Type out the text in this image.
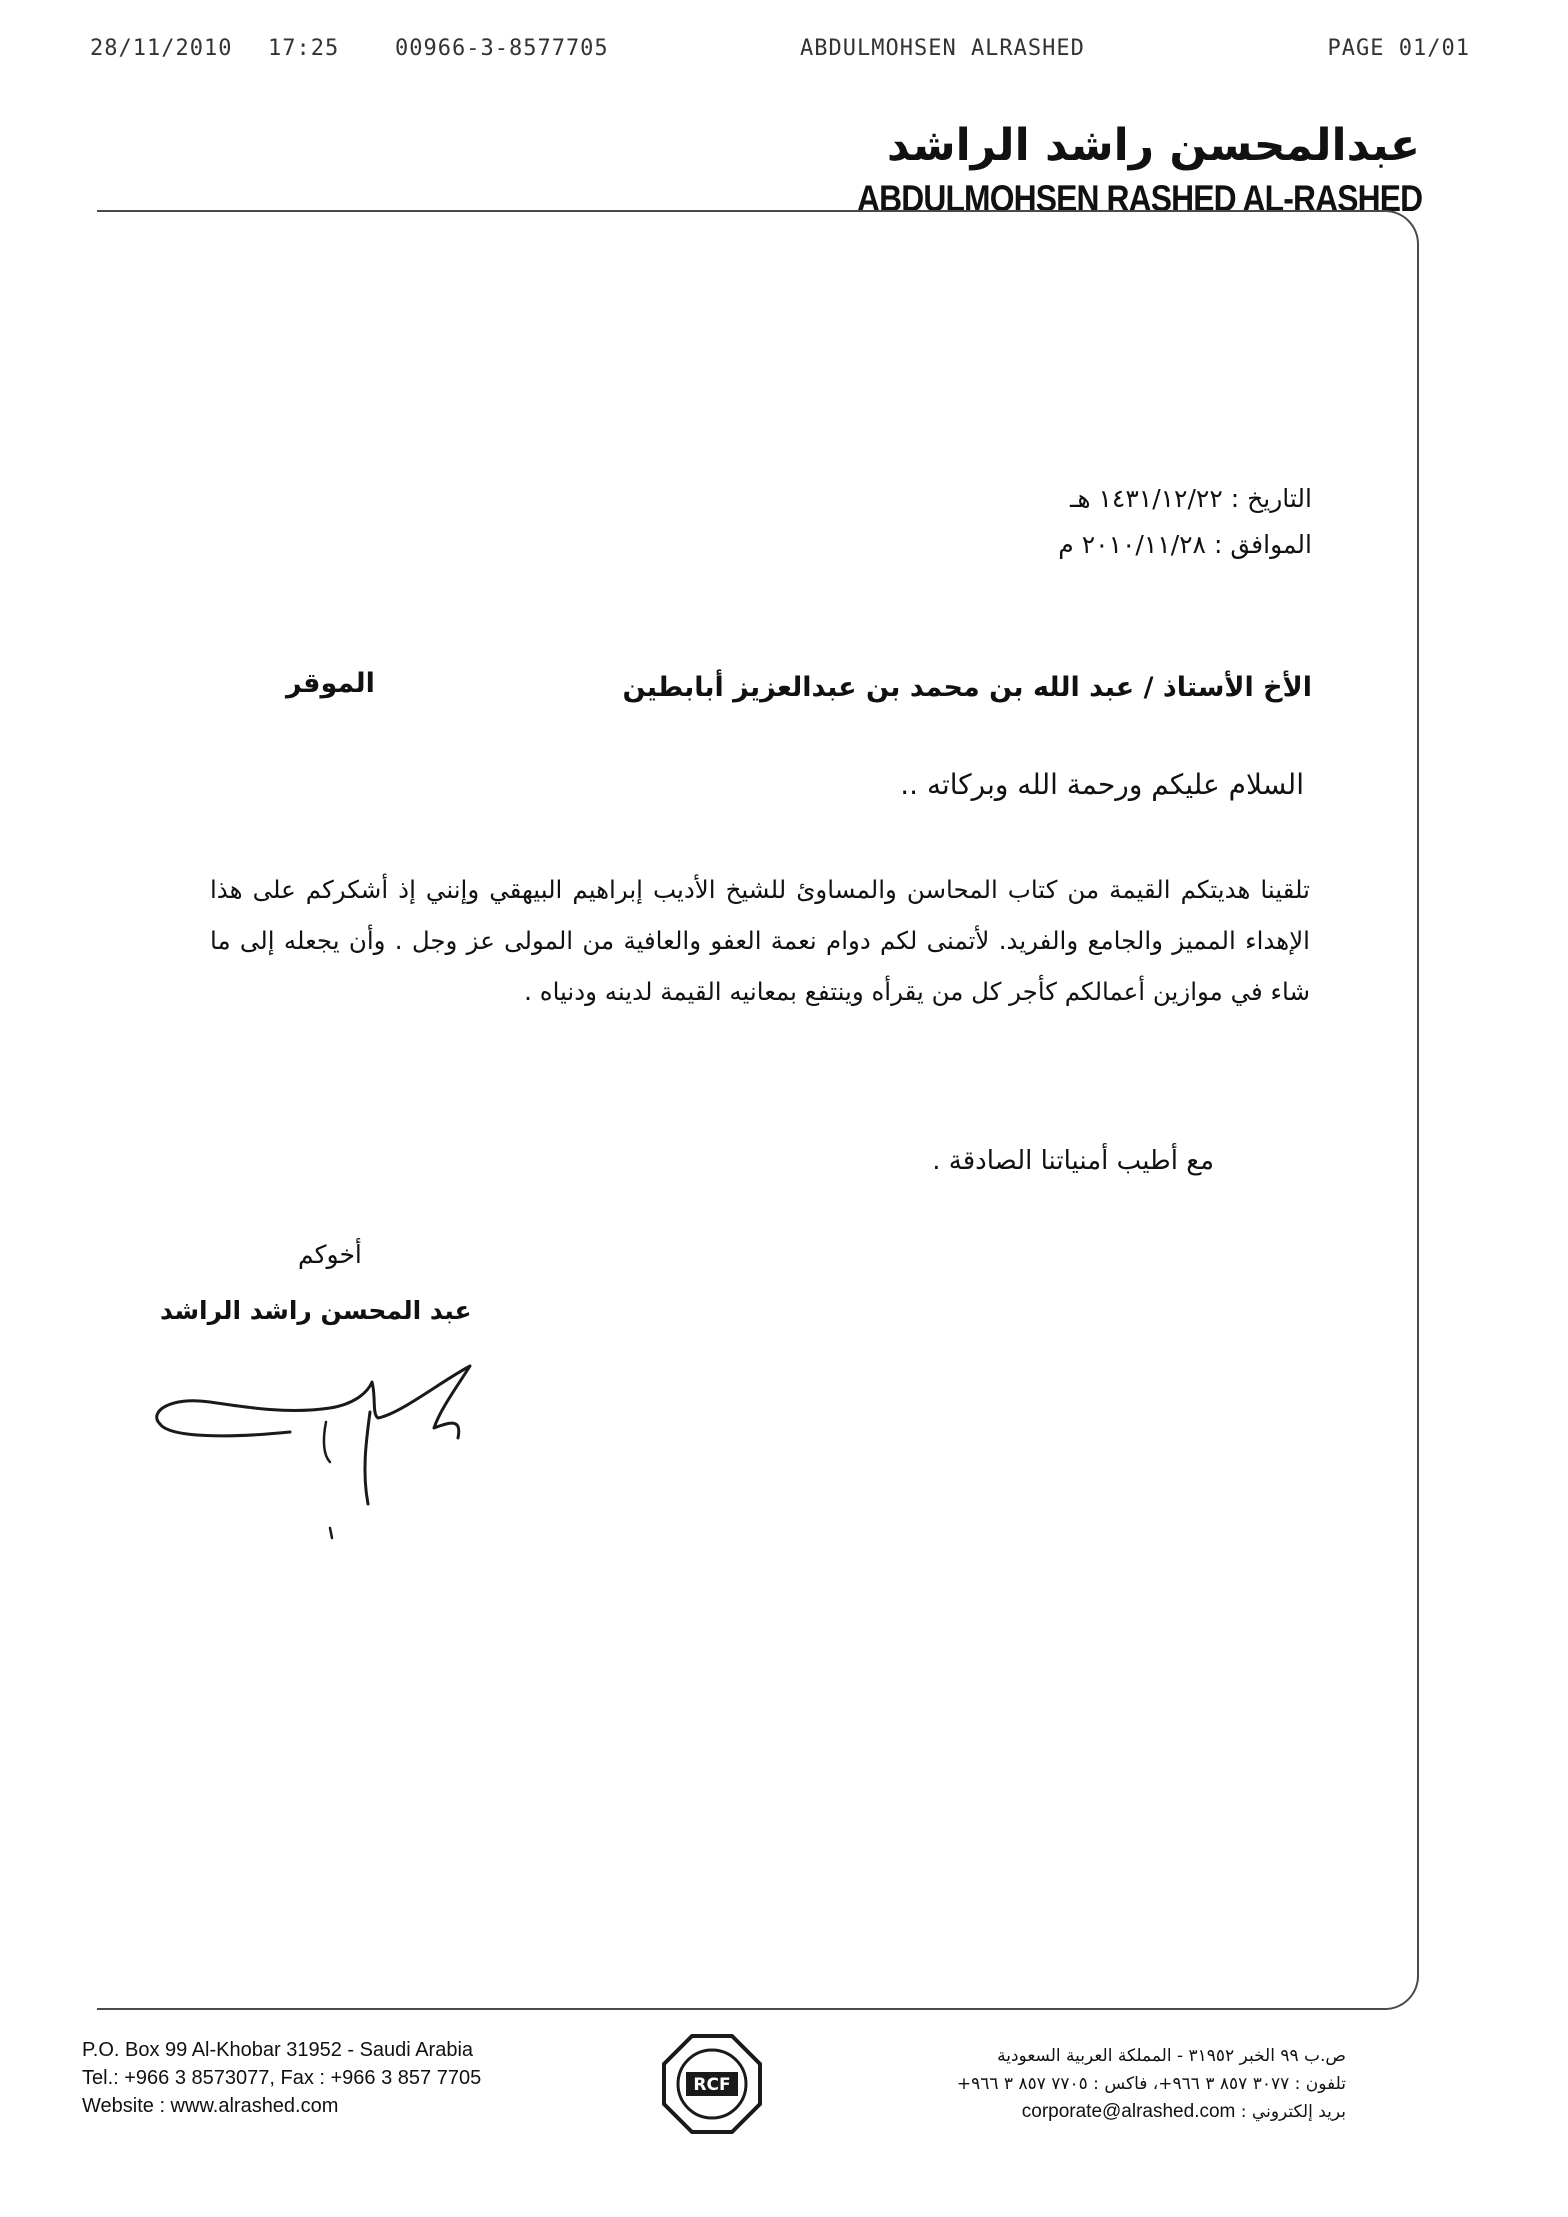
28/11/2010 17:25	00966-3-8577705	ABDULMOHSEN ALRASHED	PAGE 01/01
عبدالمحسن راشد الراشد
ABDULMOHSEN RASHED AL-RASHED
التاريخ : ١٤٣١/١٢/٢٢ هـ
الموافق : ٢٠١٠/١١/٢٨ م
الأخ الأستاذ / عبد الله بن محمد بن عبدالعزيز أبابطين
الموقر
السلام عليكم ورحمة الله وبركاته ..
تلقينا هديتكم القيمة من كتاب المحاسن والمساوئ للشيخ الأديب إبراهيم البيهقي وإنني إذ أشكركم على هذا الإهداء المميز والجامع والفريد. لأتمنى لكم دوام نعمة العفو والعافية من المولى عز وجل . وأن يجعله إلى ما شاء في موازين أعمالكم كأجر كل من يقرأه وينتفع بمعانيه القيمة لدينه ودنياه .
مع أطيب أمنياتنا الصادقة .
أخوكم
عبد المحسن راشد الراشد
P.O. Box 99 Al-Khobar 31952 - Saudi Arabia
Tel.: +966 3 8573077, Fax : +966 3 857 7705
Website : www.alrashed.com
RCF
ص.ب ٩٩ الخبر ٣١٩٥٢ - المملكة العربية السعودية
تلفون : ٣٠٧٧ ٨٥٧ ٣ ٩٦٦+، فاكس : ٧٧٠٥ ٨٥٧ ٣ ٩٦٦+
بريد إلكتروني : corporate@alrashed.com
